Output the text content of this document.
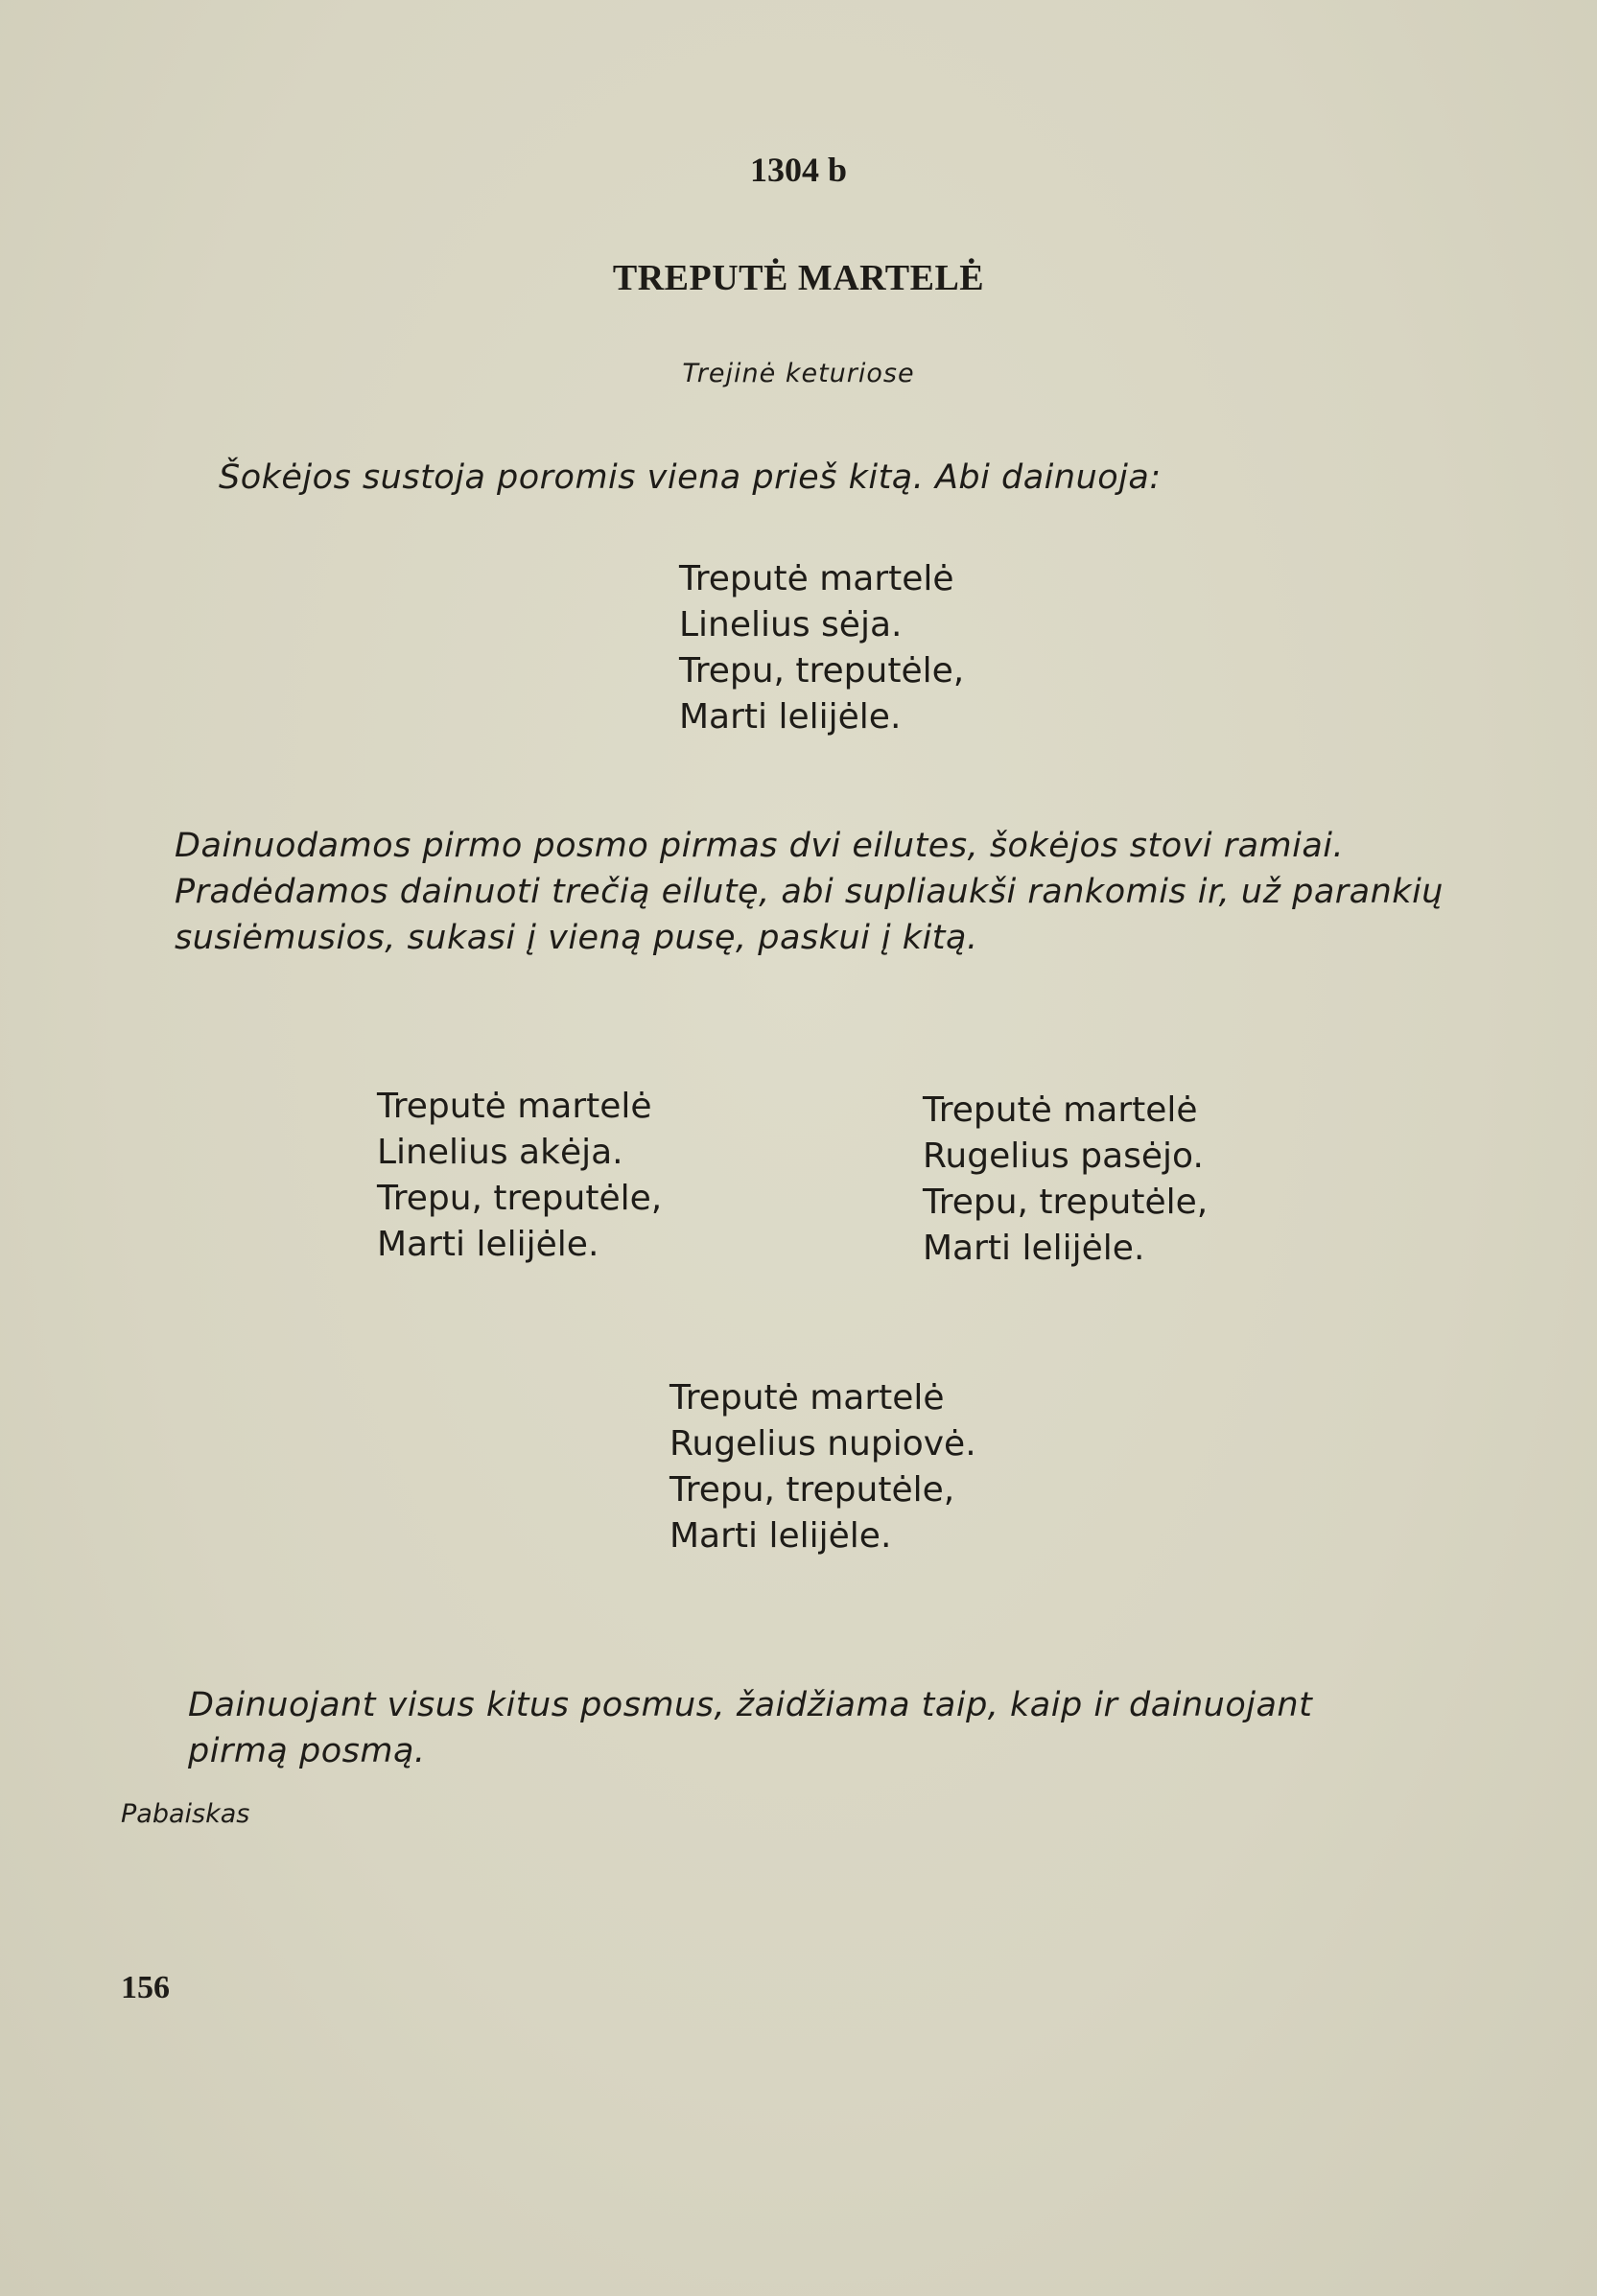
1304 b
TREPUTĖ MARTELĖ
Trejinė keturiose
Šokėjos sustoja poromis viena prieš kitą. Abi dainuoja:
Treputė martelė
Linelius sėja.
Trepu, treputėle,
Marti lelijėle.
Dainuodamos pirmo posmo pirmas dvi eilutes, šokėjos stovi ramiai.
Pradėdamos dainuoti trečią eilutę, abi supliaukši rankomis ir, už parankių
susiėmusios, sukasi į vieną pusę, paskui į kitą.
Treputė martelė
Linelius akėja.
Trepu, treputėle,
Marti lelijėle.
Treputė martelė
Rugelius pasėjo.
Trepu, treputėle,
Marti lelijėle.
Treputė martelė
Rugelius nupiovė.
Trepu, treputėle,
Marti lelijėle.
Dainuojant visus kitus posmus, žaidžiama taip, kaip ir dainuojant
pirmą posmą.
Pabaiskas
156
